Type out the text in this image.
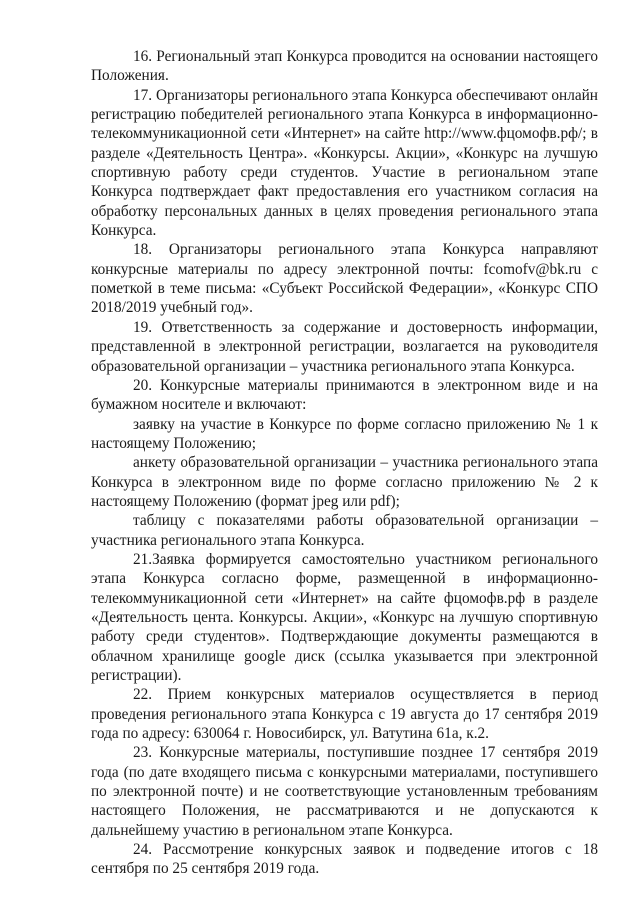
16. Региональный этап Конкурса проводится на основании настоящего Положения.

17. Организаторы регионального этапа Конкурса обеспечивают онлайн регистрацию победителей регионального этапа Конкурса в информационно-телекоммуникационной сети «Интернет» на сайте http://www.фцомофв.рф/; в разделе «Деятельность Центра». «Конкурсы. Акции», «Конкурс на лучшую спортивную работу среди студентов. Участие в региональном этапе Конкурса подтверждает факт предоставления его участником согласия на обработку персональных данных в целях проведения регионального этапа Конкурса.

18. Организаторы регионального этапа Конкурса направляют конкурсные материалы по адресу электронной почты: fcomofv@bk.ru с пометкой в теме письма: «Субъект Российской Федерации», «Конкурс СПО 2018/2019 учебный год».

19. Ответственность за содержание и достоверность информации, представленной в электронной регистрации, возлагается на руководителя образовательной организации – участника регионального этапа Конкурса.

20. Конкурсные материалы принимаются в электронном виде и на бумажном носителе и включают:

заявку на участие в Конкурсе по форме согласно приложению № 1 к настоящему Положению;

анкету образовательной организации – участника регионального этапа Конкурса в электронном виде по форме согласно приложению № 2 к настоящему Положению (формат jpeg или pdf);

таблицу с показателями работы образовательной организации – участника регионального этапа Конкурса.

21.Заявка формируется самостоятельно участником регионального этапа Конкурса согласно форме, размещенной в информационно-телекоммуникационной сети «Интернет» на сайте фцомофв.рф в разделе «Деятельность цента. Конкурсы. Акции», «Конкурс на лучшую спортивную работу среди студентов». Подтверждающие документы размещаются в облачном хранилище google диск (ссылка указывается при электронной регистрации).

22. Прием конкурсных материалов осуществляется в период проведения регионального этапа Конкурса с 19 августа до 17 сентября 2019 года по адресу: 630064 г. Новосибирск, ул. Ватутина 61а, к.2.

23. Конкурсные материалы, поступившие позднее 17 сентября 2019 года (по дате входящего письма с конкурсными материалами, поступившего по электронной почте) и не соответствующие установленным требованиям настоящего Положения, не рассматриваются и не допускаются к дальнейшему участию в региональном этапе Конкурса.

24. Рассмотрение конкурсных заявок и подведение итогов с 18 сентября по 25 сентября 2019 года.
